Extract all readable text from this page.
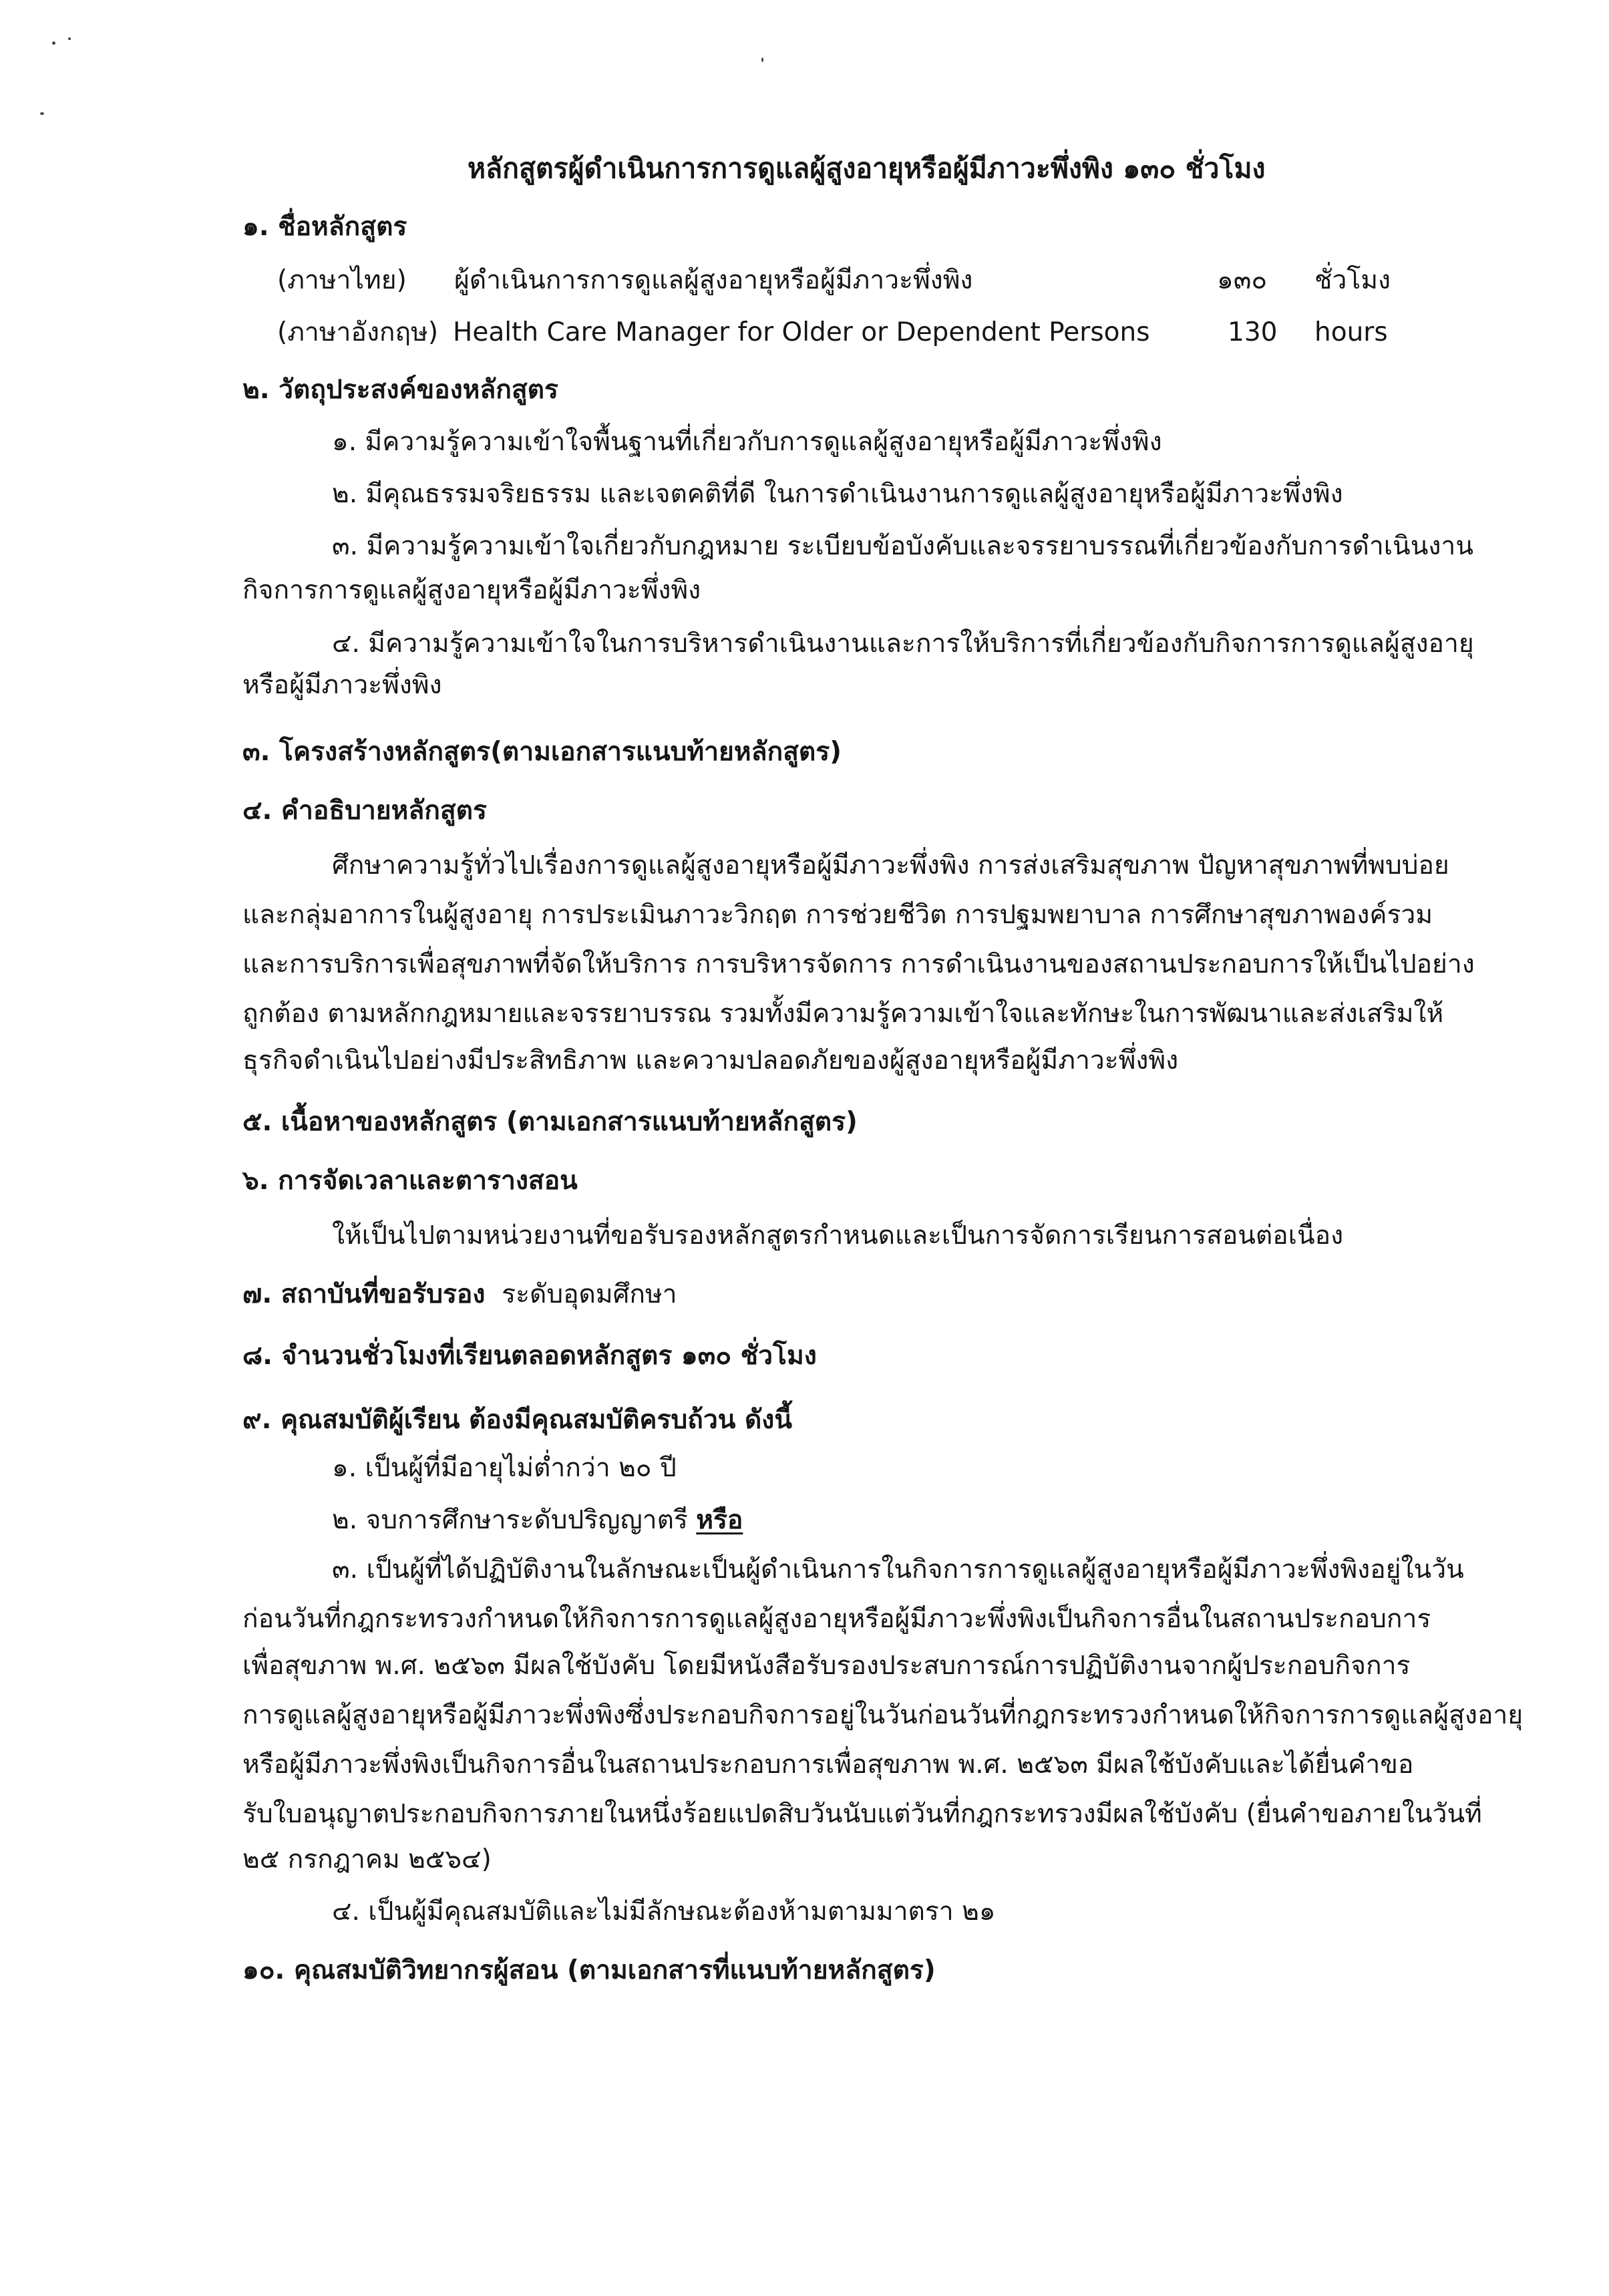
หลักสูตรผู้ดำเนินการการดูแลผู้สูงอายุหรือผู้มีภาวะพึ่งพิง ๑๓๐ ชั่วโมง
๑. ชื่อหลักสูตร
(ภาษาไทย) ผู้ดำเนินการการดูแลผู้สูงอายุหรือผู้มีภาวะพึ่งพิง	๑๓๐ ชั่วโมง
(ภาษาอังกฤษ) Health Care Manager for Older or Dependent Persons	130 hours
๒. วัตถุประสงค์ของหลักสูตร
๑. มีความรู้ความเข้าใจพื้นฐานที่เกี่ยวกับการดูแลผู้สูงอายุหรือผู้มีภาวะพึ่งพิง
๒. มีคุณธรรมจริยธรรม และเจตคติที่ดี ในการดำเนินงานการดูแลผู้สูงอายุหรือผู้มีภาวะพึ่งพิง
๓. มีความรู้ความเข้าใจเกี่ยวกับกฎหมาย ระเบียบข้อบังคับและจรรยาบรรณที่เกี่ยวข้องกับการดำเนินงาน
กิจการการดูแลผู้สูงอายุหรือผู้มีภาวะพึ่งพิง
๔. มีความรู้ความเข้าใจในการบริหารดำเนินงานและการให้บริการที่เกี่ยวข้องกับกิจการการดูแลผู้สูงอายุ
หรือผู้มีภาวะพึ่งพิง
๓. โครงสร้างหลักสูตร(ตามเอกสารแนบท้ายหลักสูตร)
๔. คำอธิบายหลักสูตร
ศึกษาความรู้ทั่วไปเรื่องการดูแลผู้สูงอายุหรือผู้มีภาวะพึ่งพิง การส่งเสริมสุขภาพ ปัญหาสุขภาพที่พบบ่อย
และกลุ่มอาการในผู้สูงอายุ การประเมินภาวะวิกฤต การช่วยชีวิต การปฐมพยาบาล การศึกษาสุขภาพองค์รวม
และการบริการเพื่อสุขภาพที่จัดให้บริการ การบริหารจัดการ การดำเนินงานของสถานประกอบการให้เป็นไปอย่าง
ถูกต้อง ตามหลักกฎหมายและจรรยาบรรณ รวมทั้งมีความรู้ความเข้าใจและทักษะในการพัฒนาและส่งเสริมให้
ธุรกิจดำเนินไปอย่างมีประสิทธิภาพ และความปลอดภัยของผู้สูงอายุหรือผู้มีภาวะพึ่งพิง
๕. เนื้อหาของหลักสูตร (ตามเอกสารแนบท้ายหลักสูตร)
๖. การจัดเวลาและตารางสอน
ให้เป็นไปตามหน่วยงานที่ขอรับรองหลักสูตรกำหนดและเป็นการจัดการเรียนการสอนต่อเนื่อง
๗. สถาบันที่ขอรับรอง ระดับอุดมศึกษา
๘. จำนวนชั่วโมงที่เรียนตลอดหลักสูตร ๑๓๐ ชั่วโมง
๙. คุณสมบัติผู้เรียน ต้องมีคุณสมบัติครบถ้วน ดังนี้
๑. เป็นผู้ที่มีอายุไม่ต่ำกว่า ๒๐ ปี
๒. จบการศึกษาระดับปริญญาตรี หรือ
๓. เป็นผู้ที่ได้ปฏิบัติงานในลักษณะเป็นผู้ดำเนินการในกิจการการดูแลผู้สูงอายุหรือผู้มีภาวะพึ่งพิงอยู่ในวัน
ก่อนวันที่กฎกระทรวงกำหนดให้กิจการการดูแลผู้สูงอายุหรือผู้มีภาวะพึ่งพิงเป็นกิจการอื่นในสถานประกอบการ
เพื่อสุขภาพ พ.ศ. ๒๕๖๓ มีผลใช้บังคับ โดยมีหนังสือรับรองประสบการณ์การปฏิบัติงานจากผู้ประกอบกิจการ
การดูแลผู้สูงอายุหรือผู้มีภาวะพึ่งพิงซึ่งประกอบกิจการอยู่ในวันก่อนวันที่กฎกระทรวงกำหนดให้กิจการการดูแลผู้สูงอายุ
หรือผู้มีภาวะพึ่งพิงเป็นกิจการอื่นในสถานประกอบการเพื่อสุขภาพ พ.ศ. ๒๕๖๓ มีผลใช้บังคับและได้ยื่นคำขอ
รับใบอนุญาตประกอบกิจการภายในหนึ่งร้อยแปดสิบวันนับแต่วันที่กฎกระทรวงมีผลใช้บังคับ (ยื่นคำขอภายในวันที่
๒๕ กรกฎาคม ๒๕๖๔)
๔. เป็นผู้มีคุณสมบัติและไม่มีลักษณะต้องห้ามตามมาตรา ๒๑
๑๐. คุณสมบัติวิทยากรผู้สอน (ตามเอกสารที่แนบท้ายหลักสูตร)
